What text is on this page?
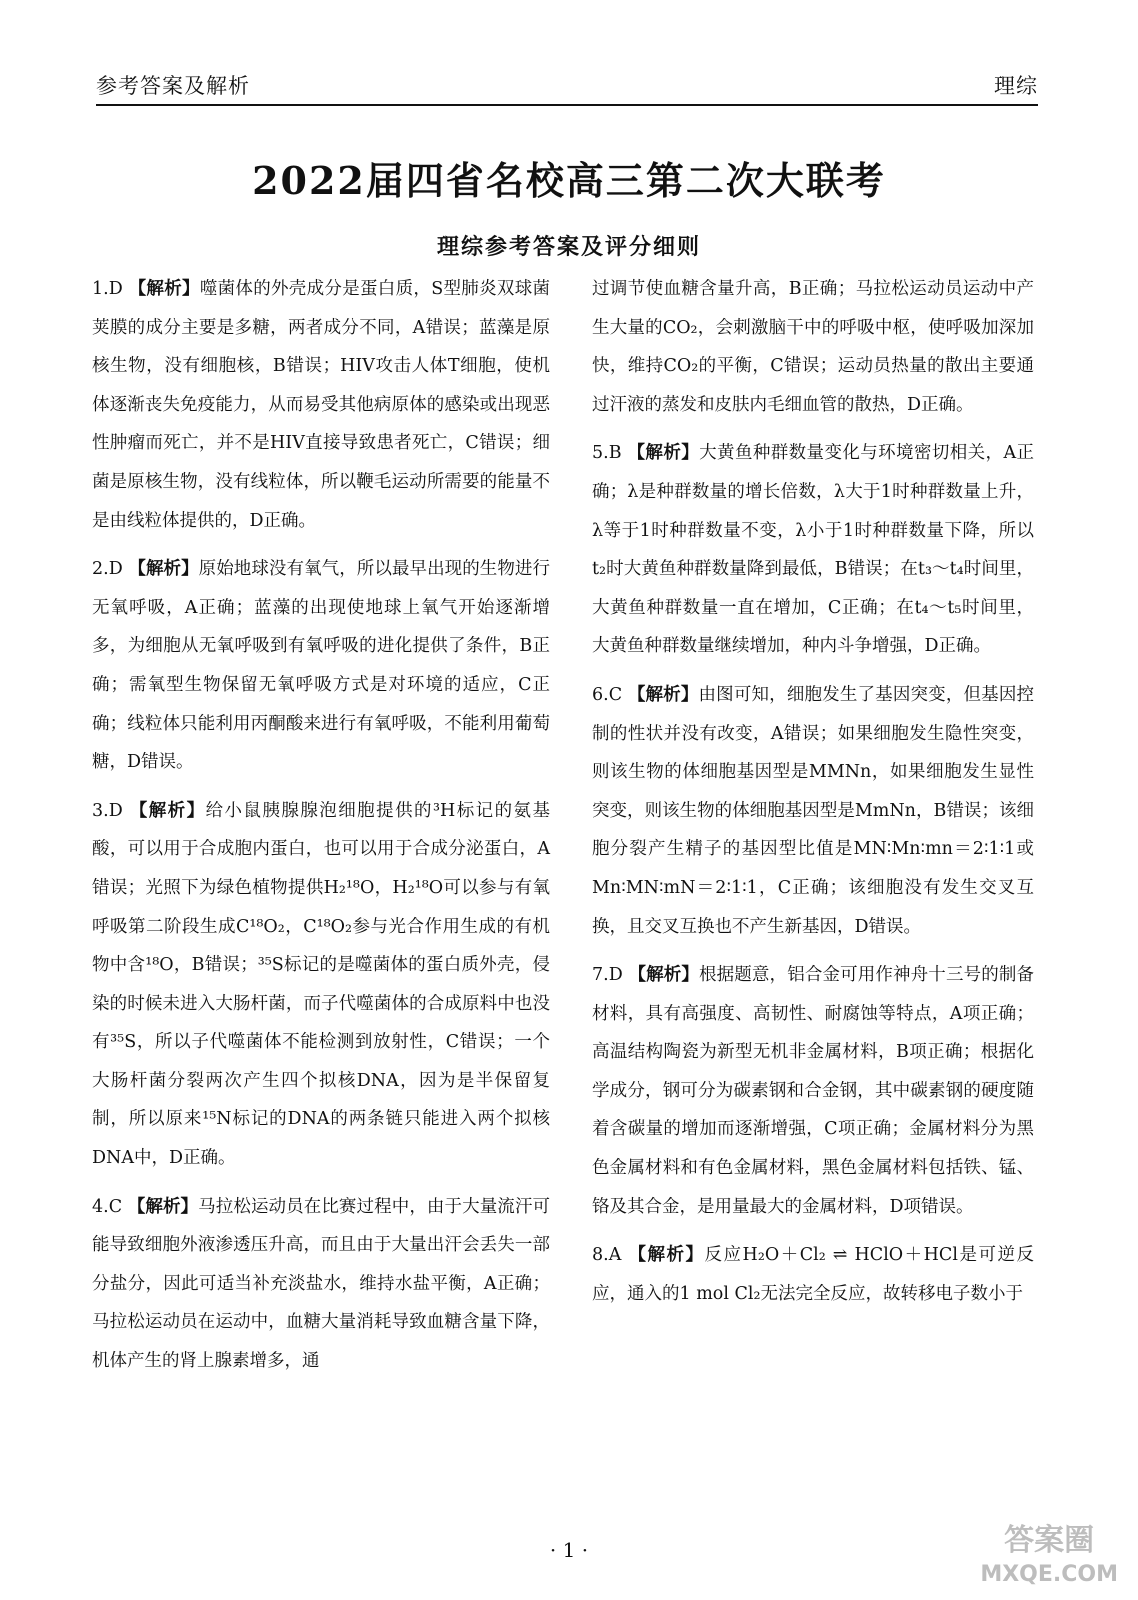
参考答案及解析	理综
2022届四省名校高三第二次大联考
理综参考答案及评分细则
1.D 【解析】噬菌体的外壳成分是蛋白质，S型肺炎双球菌荚膜的成分主要是多糖，两者成分不同，A错误；蓝藻是原核生物，没有细胞核，B错误；HIV攻击人体T细胞，使机体逐渐丧失免疫能力，从而易受其他病原体的感染或出现恶性肿瘤而死亡，并不是HIV直接导致患者死亡，C错误；细菌是原核生物，没有线粒体，所以鞭毛运动所需要的能量不是由线粒体提供的，D正确。
2.D 【解析】原始地球没有氧气，所以最早出现的生物进行无氧呼吸，A正确；蓝藻的出现使地球上氧气开始逐渐增多，为细胞从无氧呼吸到有氧呼吸的进化提供了条件，B正确；需氧型生物保留无氧呼吸方式是对环境的适应，C正确；线粒体只能利用丙酮酸来进行有氧呼吸，不能利用葡萄糖，D错误。
3.D 【解析】给小鼠胰腺腺泡细胞提供的³H标记的氨基酸，可以用于合成胞内蛋白，也可以用于合成分泌蛋白，A错误；光照下为绿色植物提供H₂¹⁸O，H₂¹⁸O可以参与有氧呼吸第二阶段生成C¹⁸O₂，C¹⁸O₂参与光合作用生成的有机物中含¹⁸O，B错误；³⁵S标记的是噬菌体的蛋白质外壳，侵染的时候未进入大肠杆菌，而子代噬菌体的合成原料中也没有³⁵S，所以子代噬菌体不能检测到放射性，C错误；一个大肠杆菌分裂两次产生四个拟核DNA，因为是半保留复制，所以原来¹⁵N标记的DNA的两条链只能进入两个拟核DNA中，D正确。
4.C 【解析】马拉松运动员在比赛过程中，由于大量流汗可能导致细胞外液渗透压升高，而且由于大量出汗会丢失一部分盐分，因此可适当补充淡盐水，维持水盐平衡，A正确；马拉松运动员在运动中，血糖大量消耗导致血糖含量下降，机体产生的肾上腺素增多，通
过调节使血糖含量升高，B正确；马拉松运动员运动中产生大量的CO₂，会刺激脑干中的呼吸中枢，使呼吸加深加快，维持CO₂的平衡，C错误；运动员热量的散出主要通过汗液的蒸发和皮肤内毛细血管的散热，D正确。
5.B 【解析】大黄鱼种群数量变化与环境密切相关，A正确；λ是种群数量的增长倍数，λ大于1时种群数量上升，λ等于1时种群数量不变，λ小于1时种群数量下降，所以t₂时大黄鱼种群数量降到最低，B错误；在t₃～t₄时间里，大黄鱼种群数量一直在增加，C正确；在t₄～t₅时间里，大黄鱼种群数量继续增加，种内斗争增强，D正确。
6.C 【解析】由图可知，细胞发生了基因突变，但基因控制的性状并没有改变，A错误；如果细胞发生隐性突变，则该生物的体细胞基因型是MMNn，如果细胞发生显性突变，则该生物的体细胞基因型是MmNn，B错误；该细胞分裂产生精子的基因型比值是MN∶Mn∶mn＝2∶1∶1或Mn∶MN∶mN＝2∶1∶1，C正确；该细胞没有发生交叉互换，且交叉互换也不产生新基因，D错误。
7.D 【解析】根据题意，铝合金可用作神舟十三号的制备材料，具有高强度、高韧性、耐腐蚀等特点，A项正确；高温结构陶瓷为新型无机非金属材料，B项正确；根据化学成分，钢可分为碳素钢和合金钢，其中碳素钢的硬度随着含碳量的增加而逐渐增强，C项正确；金属材料分为黑色金属材料和有色金属材料，黑色金属材料包括铁、锰、铬及其合金，是用量最大的金属材料，D项错误。
8.A 【解析】反应H₂O＋Cl₂ ⇌ HClO＋HCl是可逆反应，通入的1 mol Cl₂无法完全反应，故转移电子数小于
· 1 ·	答案圈
MXQE.COM
